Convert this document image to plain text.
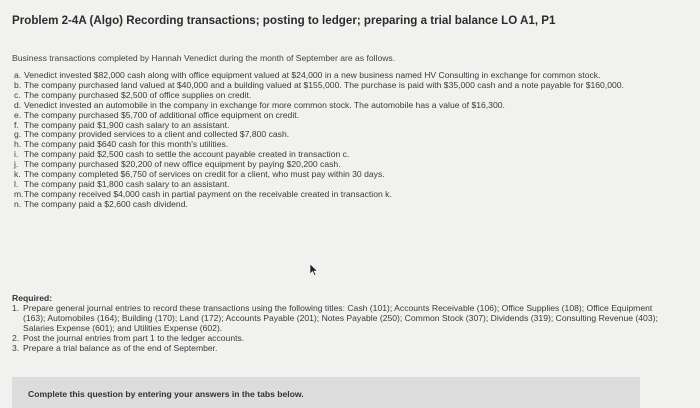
Problem 2-4A (Algo) Recording transactions; posting to ledger; preparing a trial balance LO A1, P1
Business transactions completed by Hannah Venedict during the month of September are as follows.
a. Venedict invested $82,000 cash along with office equipment valued at $24,000 in a new business named HV Consulting in exchange for common stock.
b. The company purchased land valued at $40,000 and a building valued at $155,000. The purchase is paid with $35,000 cash and a note payable for $160,000.
c. The company purchased $2,500 of office supplies on credit.
d. Venedict invested an automobile in the company in exchange for more common stock. The automobile has a value of $16,300.
e. The company purchased $5,700 of additional office equipment on credit.
f. The company paid $1,900 cash salary to an assistant.
g. The company provided services to a client and collected $7,800 cash.
h. The company paid $640 cash for this month's utilities.
i. The company paid $2,500 cash to settle the account payable created in transaction c.
j. The company purchased $20,200 of new office equipment by paying $20,200 cash.
k. The company completed $6,750 of services on credit for a client, who must pay within 30 days.
l. The company paid $1,800 cash salary to an assistant.
m. The company received $4,000 cash in partial payment on the receivable created in transaction k.
n. The company paid a $2,600 cash dividend.
Required:
1. Prepare general journal entries to record these transactions using the following titles: Cash (101); Accounts Receivable (106); Office Supplies (108); Office Equipment (163); Automobiles (164); Building (170); Land (172); Accounts Payable (201); Notes Payable (250); Common Stock (307); Dividends (319); Consulting Revenue (403); Salaries Expense (601); and Utilities Expense (602).
2. Post the journal entries from part 1 to the ledger accounts.
3. Prepare a trial balance as of the end of September.
Complete this question by entering your answers in the tabs below.
